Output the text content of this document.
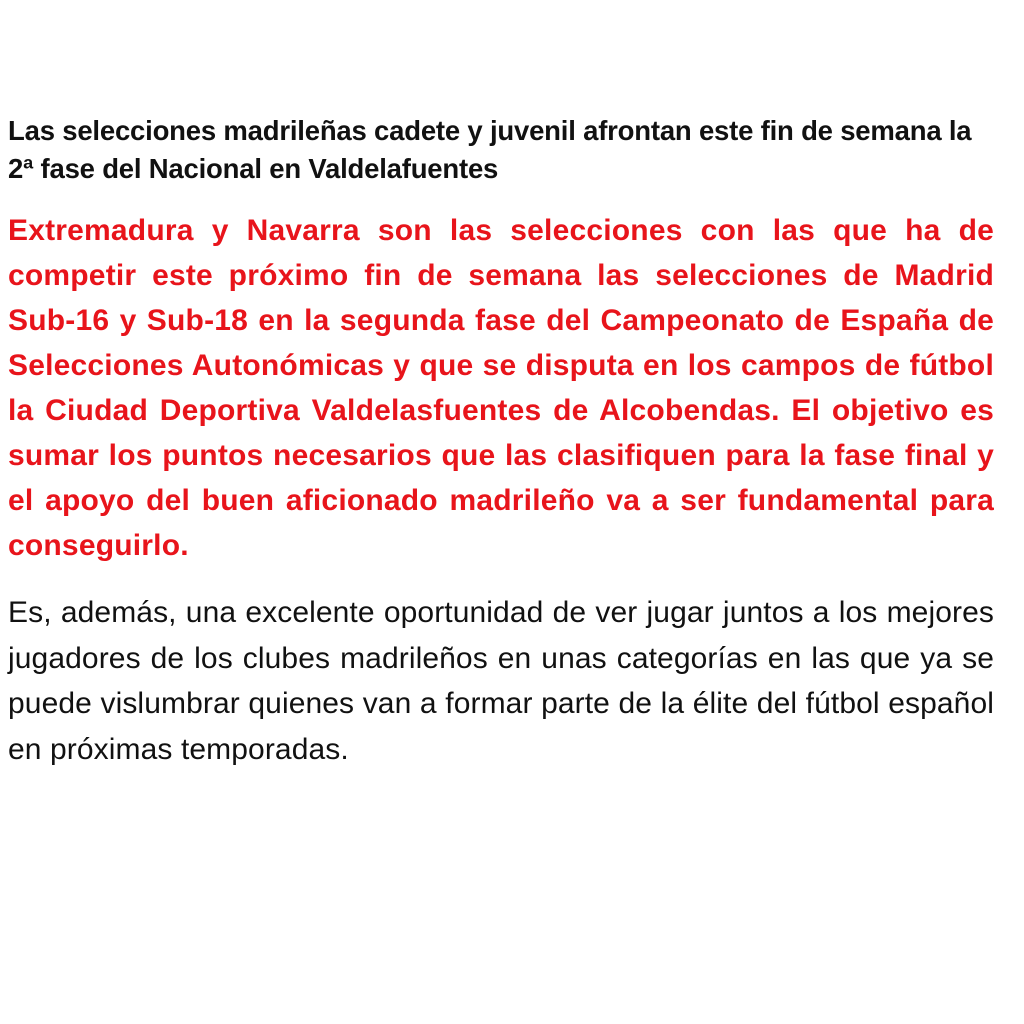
Las selecciones madrileñas cadete y juvenil afrontan este fin de semana la 2ª fase del Nacional en Valdelafuentes

Extremadura y Navarra son las selecciones con las que ha de competir este próximo fin de semana las selecciones de Madrid Sub-16 y Sub-18 en la segunda fase del Campeonato de España de Selecciones Autonómicas y que se disputa en los campos de fútbol la Ciudad Deportiva Valdelasfuentes de Alcobendas. El objetivo es sumar los puntos necesarios que las clasifiquen para la fase final y el apoyo del buen aficionado madrileño va a ser fundamental para conseguirlo.

Es, además, una excelente oportunidad de ver jugar juntos a los mejores jugadores de los clubes madrileños en unas categorías en las que ya se puede vislumbrar quienes van a formar parte de la élite del fútbol español en próximas temporadas.
